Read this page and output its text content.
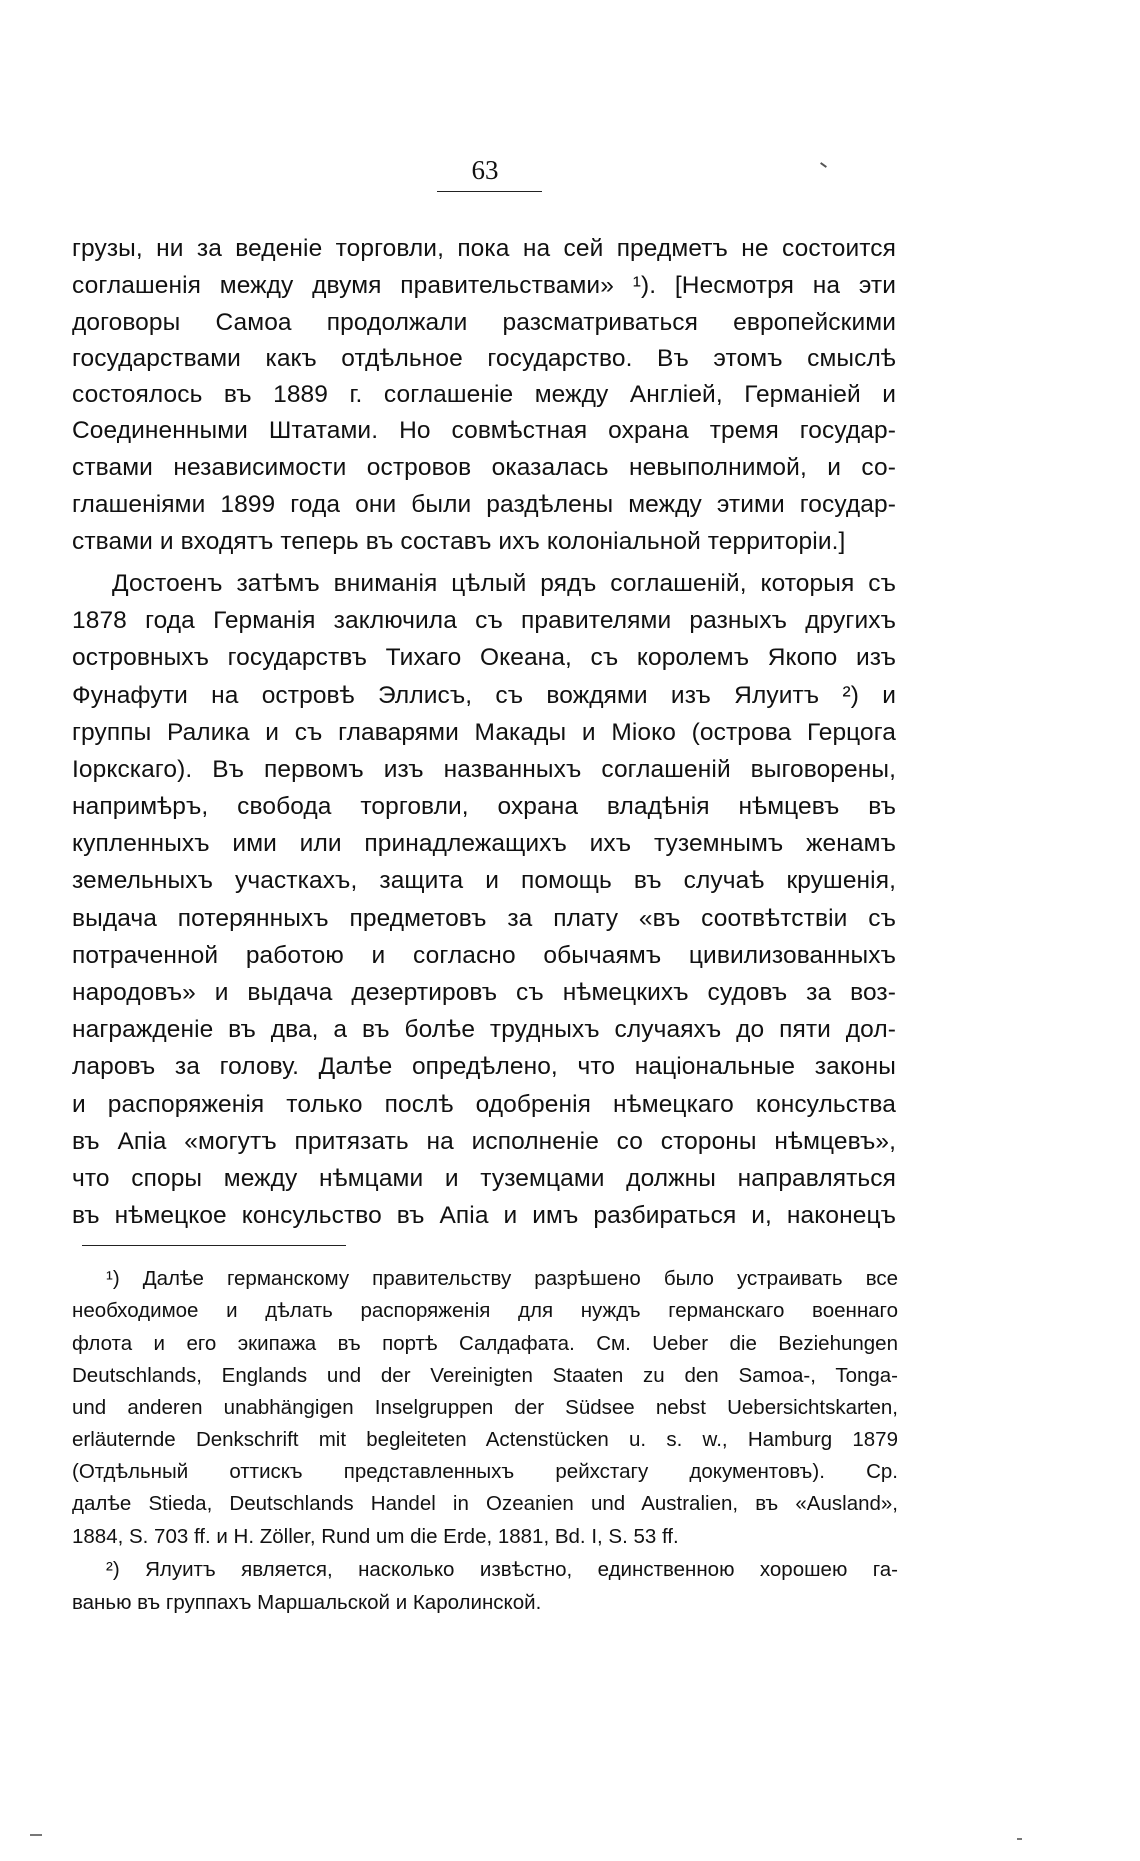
63
грузы, ни за веденіе торговли, пока на сей предметъ не состоится
соглашенія между двумя правительствами» ¹). [Несмотря на эти
договоры Самоа продолжали разсматриваться европейскими
государствами какъ отдѣльное государство. Въ этомъ смыслѣ
состоялось въ 1889 г. соглашеніе между Англіей, Германіей и
Соединенными Штатами. Но совмѣстная охрана тремя государ-
ствами независимости островов оказалась невыполнимой, и со-
глашеніями 1899 года они были раздѣлены между этими государ-
ствами и входятъ теперь въ составъ ихъ колоніальной территоріи.]
Достоенъ затѣмъ вниманія цѣлый рядъ соглашеній, которыя съ
1878 года Германія заключила съ правителями разныхъ другихъ
островныхъ государствъ Тихаго Океана, съ королемъ Якопо изъ
Фунафути на островѣ Эллисъ, съ вождями изъ Ялуитъ ²) и
группы Ралика и съ главарями Макады и Міоко (острова Герцога
Іоркскаго). Въ первомъ изъ названныхъ соглашеній выговорены,
напримѣръ, свобода торговли, охрана владѣнія нѣмцевъ въ
купленныхъ ими или принадлежащихъ ихъ туземнымъ женамъ
земельныхъ участкахъ, защита и помощь въ случаѣ крушенія,
выдача потерянныхъ предметовъ за плату «въ соотвѣтствіи съ
потраченной работою и согласно обычаямъ цивилизованныхъ
народовъ» и выдача дезертировъ съ нѣмецкихъ судовъ за воз-
награжденіе въ два, а въ болѣе трудныхъ случаяхъ до пяти дол-
ларовъ за голову. Далѣе опредѣлено, что національные законы
и распоряженія только послѣ одобренія нѣмецкаго консульства
въ Апіа «могутъ притязать на исполненіе со стороны нѣмцевъ»,
что споры между нѣмцами и туземцами должны направляться
въ нѣмецкое консульство въ Апіа и имъ разбираться и, наконецъ
¹) Далѣе германскому правительству разрѣшено было устраивать все
необходимое и дѣлать распоряженія для нуждъ германскаго военнаго
флота и его экипажа въ портѣ Салдафата. См. Ueber die Beziehungen
Deutschlands, Englands und der Vereinigten Staaten zu den Samoa-, Tonga-
und anderen unabhängigen Inselgruppen der Südsee nebst Uebersichtskarten,
erläuternde Denkschrift mit begleiteten Actenstücken u. s. w., Hamburg 1879
(Отдѣльный оттискъ представленныхъ рейхстагу документовъ). Ср.
далѣе Stieda, Deutschlands Handel in Ozeanien und Australien, въ «Ausland»,
1884, S. 703 ff. и H. Zöller, Rund um die Erde, 1881, Bd. I, S. 53 ff.
²) Ялуитъ является, насколько извѣстно, единственною хорошею га-
ванью въ группахъ Маршальской и Каролинской.
